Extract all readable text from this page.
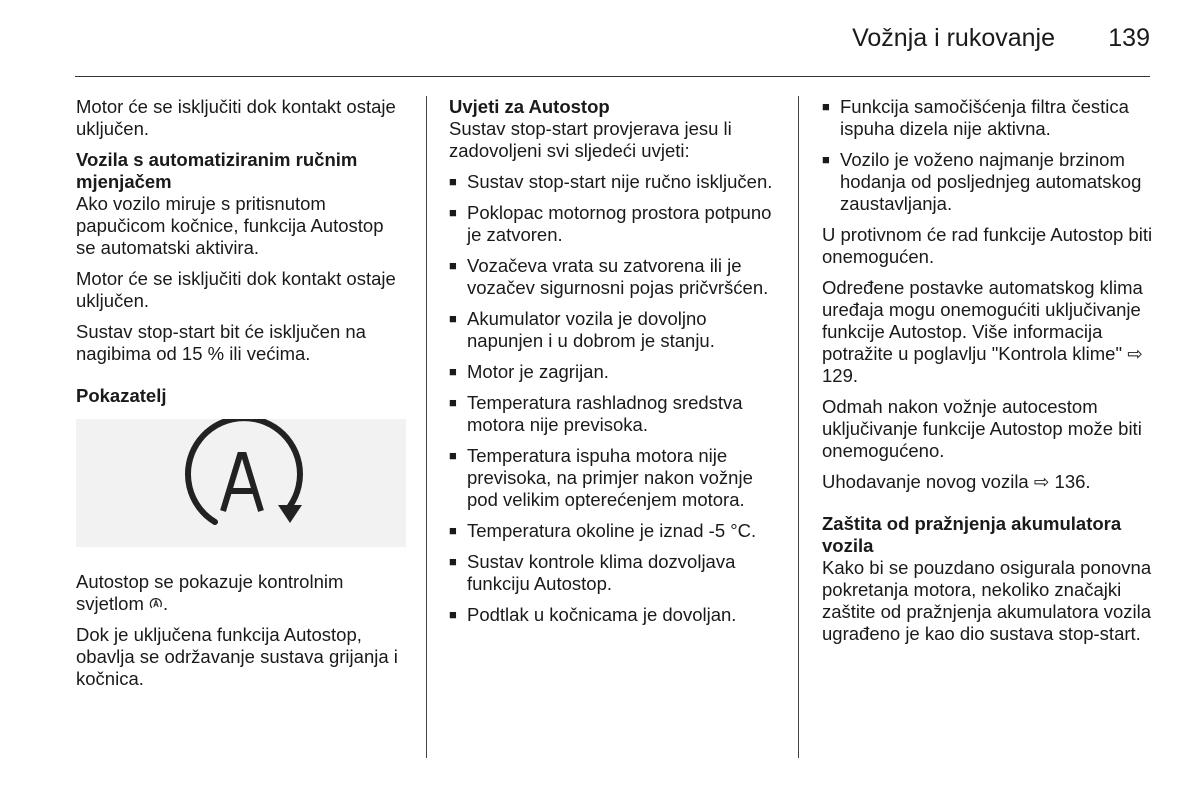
Vožnja i rukovanje 139

Motor će se isključiti dok kontakt ostaje uključen.

Vozila s automatiziranim ručnim mjenjačem

Ako vozilo miruje s pritisnutom papučicom kočnice, funkcija Autostop se automatski aktivira.

Motor će se isključiti dok kontakt ostaje uključen.

Sustav stop-start bit će isključen na nagibima od 15 % ili većima.

Pokazatelj

Autostop se pokazuje kontrolnim svjetlom .

Dok je uključena funkcija Autostop, obavlja se održavanje sustava grijanja i kočnica.

Uvjeti za Autostop

Sustav stop-start provjerava jesu li zadovoljeni svi sljedeći uvjeti:

■ Sustav stop-start nije ručno isključen.
■ Poklopac motornog prostora potpuno je zatvoren.
■ Vozačeva vrata su zatvorena ili je vozačev sigurnosni pojas pričvršćen.
■ Akumulator vozila je dovoljno napunjen i u dobrom je stanju.
■ Motor je zagrijan.
■ Temperatura rashladnog sredstva motora nije previsoka.
■ Temperatura ispuha motora nije previsoka, na primjer nakon vožnje pod velikim opterećenjem motora.
■ Temperatura okoline je iznad -5 °C.
■ Sustav kontrole klima dozvoljava funkciju Autostop.
■ Podtlak u kočnicama je dovoljan.
■ Funkcija samočišćenja filtra čestica ispuha dizela nije aktivna.
■ Vozilo je voženo najmanje brzinom hodanja od posljednjeg automatskog zaustavljanja.

U protivnom će rad funkcije Autostop biti onemogućen.

Određene postavke automatskog klima uređaja mogu onemogućiti uključivanje funkcije Autostop. Više informacija potražite u poglavlju "Kontrola klime" ⇨ 129.

Odmah nakon vožnje autocestom uključivanje funkcije Autostop može biti onemogućeno.

Uhodavanje novog vozila ⇨ 136.

Zaštita od pražnjenja akumulatora vozila

Kako bi se pouzdano osigurala ponovna pokretanja motora, nekoliko značajki zaštite od pražnjenja akumulatora vozila ugrađeno je kao dio sustava stop-start.
